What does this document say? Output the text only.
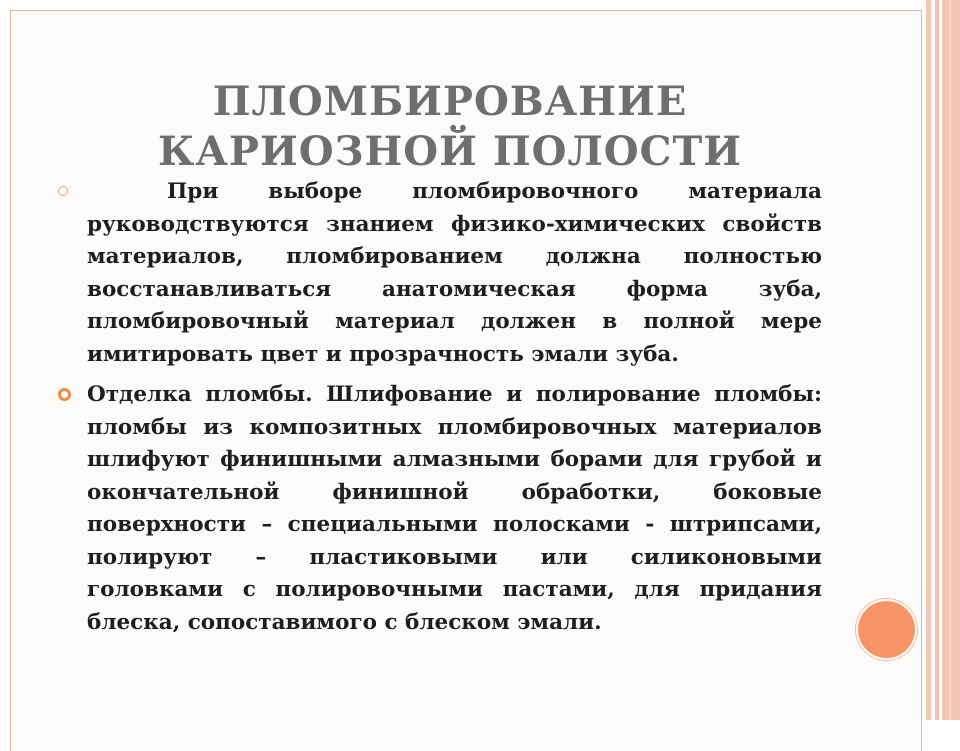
ПЛОМБИРОВАНИЕ
КАРИОЗНОЙ ПОЛОСТИ

При выборе пломбировочного материала руководствуются знанием физико-химических свойств материалов, пломбированием должна полностью восстанавливаться анатомическая форма зуба, пломбировочный материал должен в полной мере имитировать цвет и прозрачность эмали зуба.

Отделка пломбы. Шлифование и полирование пломбы: пломбы из композитных пломбировочных материалов шлифуют финишными алмазными борами для грубой и окончательной финишной обработки, боковые поверхности – специальными полосками - штрипсами, полируют – пластиковыми или силиконовыми головками с полировочными пастами, для придания блеска, сопоставимого с блеском эмали.
